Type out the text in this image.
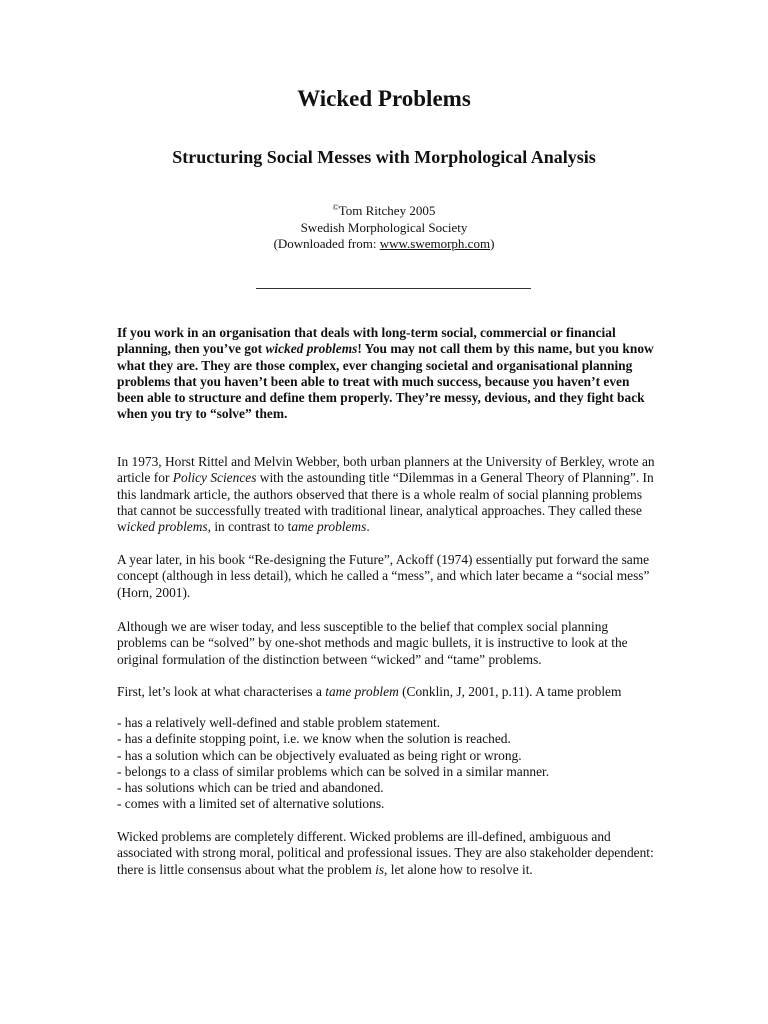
Wicked Problems
Structuring Social Messes with Morphological Analysis
©Tom Ritchey 2005
Swedish Morphological Society
(Downloaded from: www.swemorph.com)

If you work in an organisation that deals with long-term social, commercial or financial planning, then you’ve got wicked problems! You may not call them by this name, but you know what they are. They are those complex, ever changing societal and organisational planning problems that you haven’t been able to treat with much success, because you haven’t even been able to structure and define them properly. They’re messy, devious, and they fight back when you try to “solve” them.

In 1973, Horst Rittel and Melvin Webber, both urban planners at the University of Berkley, wrote an article for Policy Sciences with the astounding title “Dilemmas in a General Theory of Planning”. In this landmark article, the authors observed that there is a whole realm of social planning problems that cannot be successfully treated with traditional linear, analytical approaches. They called these wicked problems, in contrast to tame problems.

A year later, in his book “Re-designing the Future”, Ackoff (1974) essentially put forward the same concept (although in less detail), which he called a “mess”, and which later became a “social mess” (Horn, 2001).

Although we are wiser today, and less susceptible to the belief that complex social planning problems can be “solved” by one-shot methods and magic bullets, it is instructive to look at the original formulation of the distinction between “wicked” and “tame” problems.

First, let’s look at what characterises a tame problem (Conklin, J, 2001, p.11). A tame problem

- has a relatively well-defined and stable problem statement.
- has a definite stopping point, i.e. we know when the solution is reached.
- has a solution which can be objectively evaluated as being right or wrong.
- belongs to a class of similar problems which can be solved in a similar manner.
- has solutions which can be tried and abandoned.
- comes with a limited set of alternative solutions.

Wicked problems are completely different. Wicked problems are ill-defined, ambiguous and associated with strong moral, political and professional issues. They are also stakeholder dependent: there is little consensus about what the problem is, let alone how to resolve it.
